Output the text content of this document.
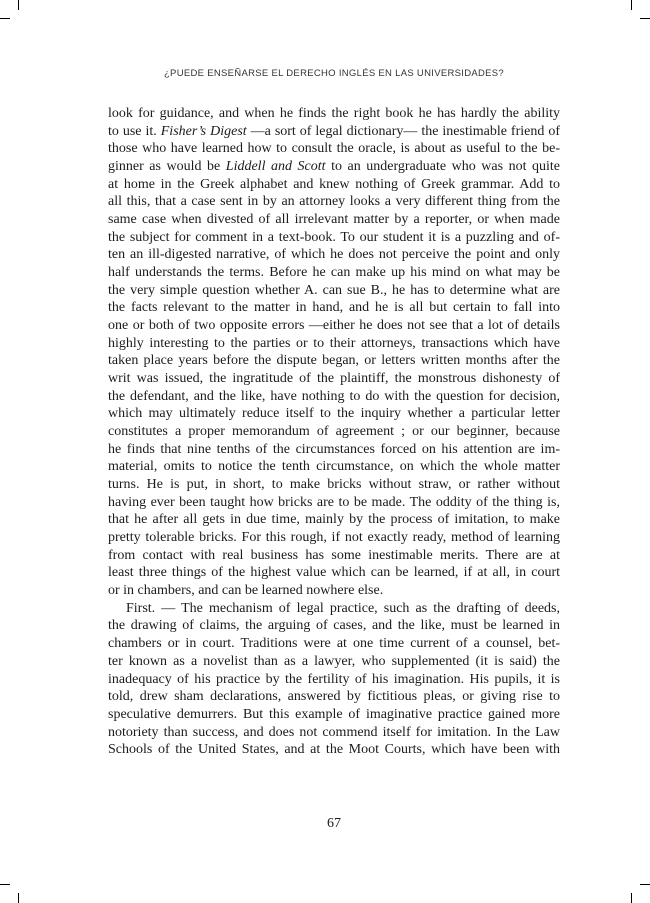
¿PUEDE ENSEÑARSE EL DERECHO INGLÉS EN LAS UNIVERSIDADES?
look for guidance, and when he finds the right book he has hardly the ability
to use it. Fisher’s Digest —a sort of legal dictionary— the inestimable friend of
those who have learned how to consult the oracle, is about as useful to the be-
ginner as would be Liddell and Scott to an undergraduate who was not quite
at home in the Greek alphabet and knew nothing of Greek grammar. Add to
all this, that a case sent in by an attorney looks a very different thing from the
same case when divested of all irrelevant matter by a reporter, or when made
the subject for comment in a text-book. To our student it is a puzzling and of-
ten an ill-digested narrative, of which he does not perceive the point and only
half understands the terms. Before he can make up his mind on what may be
the very simple question whether A. can sue B., he has to determine what are
the facts relevant to the matter in hand, and he is all but certain to fall into
one or both of two opposite errors —either he does not see that a lot of details
highly interesting to the parties or to their attorneys, transactions which have
taken place years before the dispute began, or letters written months after the
writ was issued, the ingratitude of the plaintiff, the monstrous dishonesty of
the defendant, and the like, have nothing to do with the question for decision,
which may ultimately reduce itself to the inquiry whether a particular letter
constitutes a proper memorandum of agreement ; or our beginner, because
he finds that nine tenths of the circumstances forced on his attention are im-
material, omits to notice the tenth circumstance, on which the whole matter
turns. He is put, in short, to make bricks without straw, or rather without
having ever been taught how bricks are to be made. The oddity of the thing is,
that he after all gets in due time, mainly by the process of imitation, to make
pretty tolerable bricks. For this rough, if not exactly ready, method of learning
from contact with real business has some inestimable merits. There are at
least three things of the highest value which can be learned, if at all, in court
or in chambers, and can be learned nowhere else.
First. — The mechanism of legal practice, such as the drafting of deeds,
the drawing of claims, the arguing of cases, and the like, must be learned in
chambers or in court. Traditions were at one time current of a counsel, bet-
ter known as a novelist than as a lawyer, who supplemented (it is said) the
inadequacy of his practice by the fertility of his imagination. His pupils, it is
told, drew sham declarations, answered by fictitious pleas, or giving rise to
speculative demurrers. But this example of imaginative practice gained more
notoriety than success, and does not commend itself for imitation. In the Law
Schools of the United States, and at the Moot Courts, which have been with
67
